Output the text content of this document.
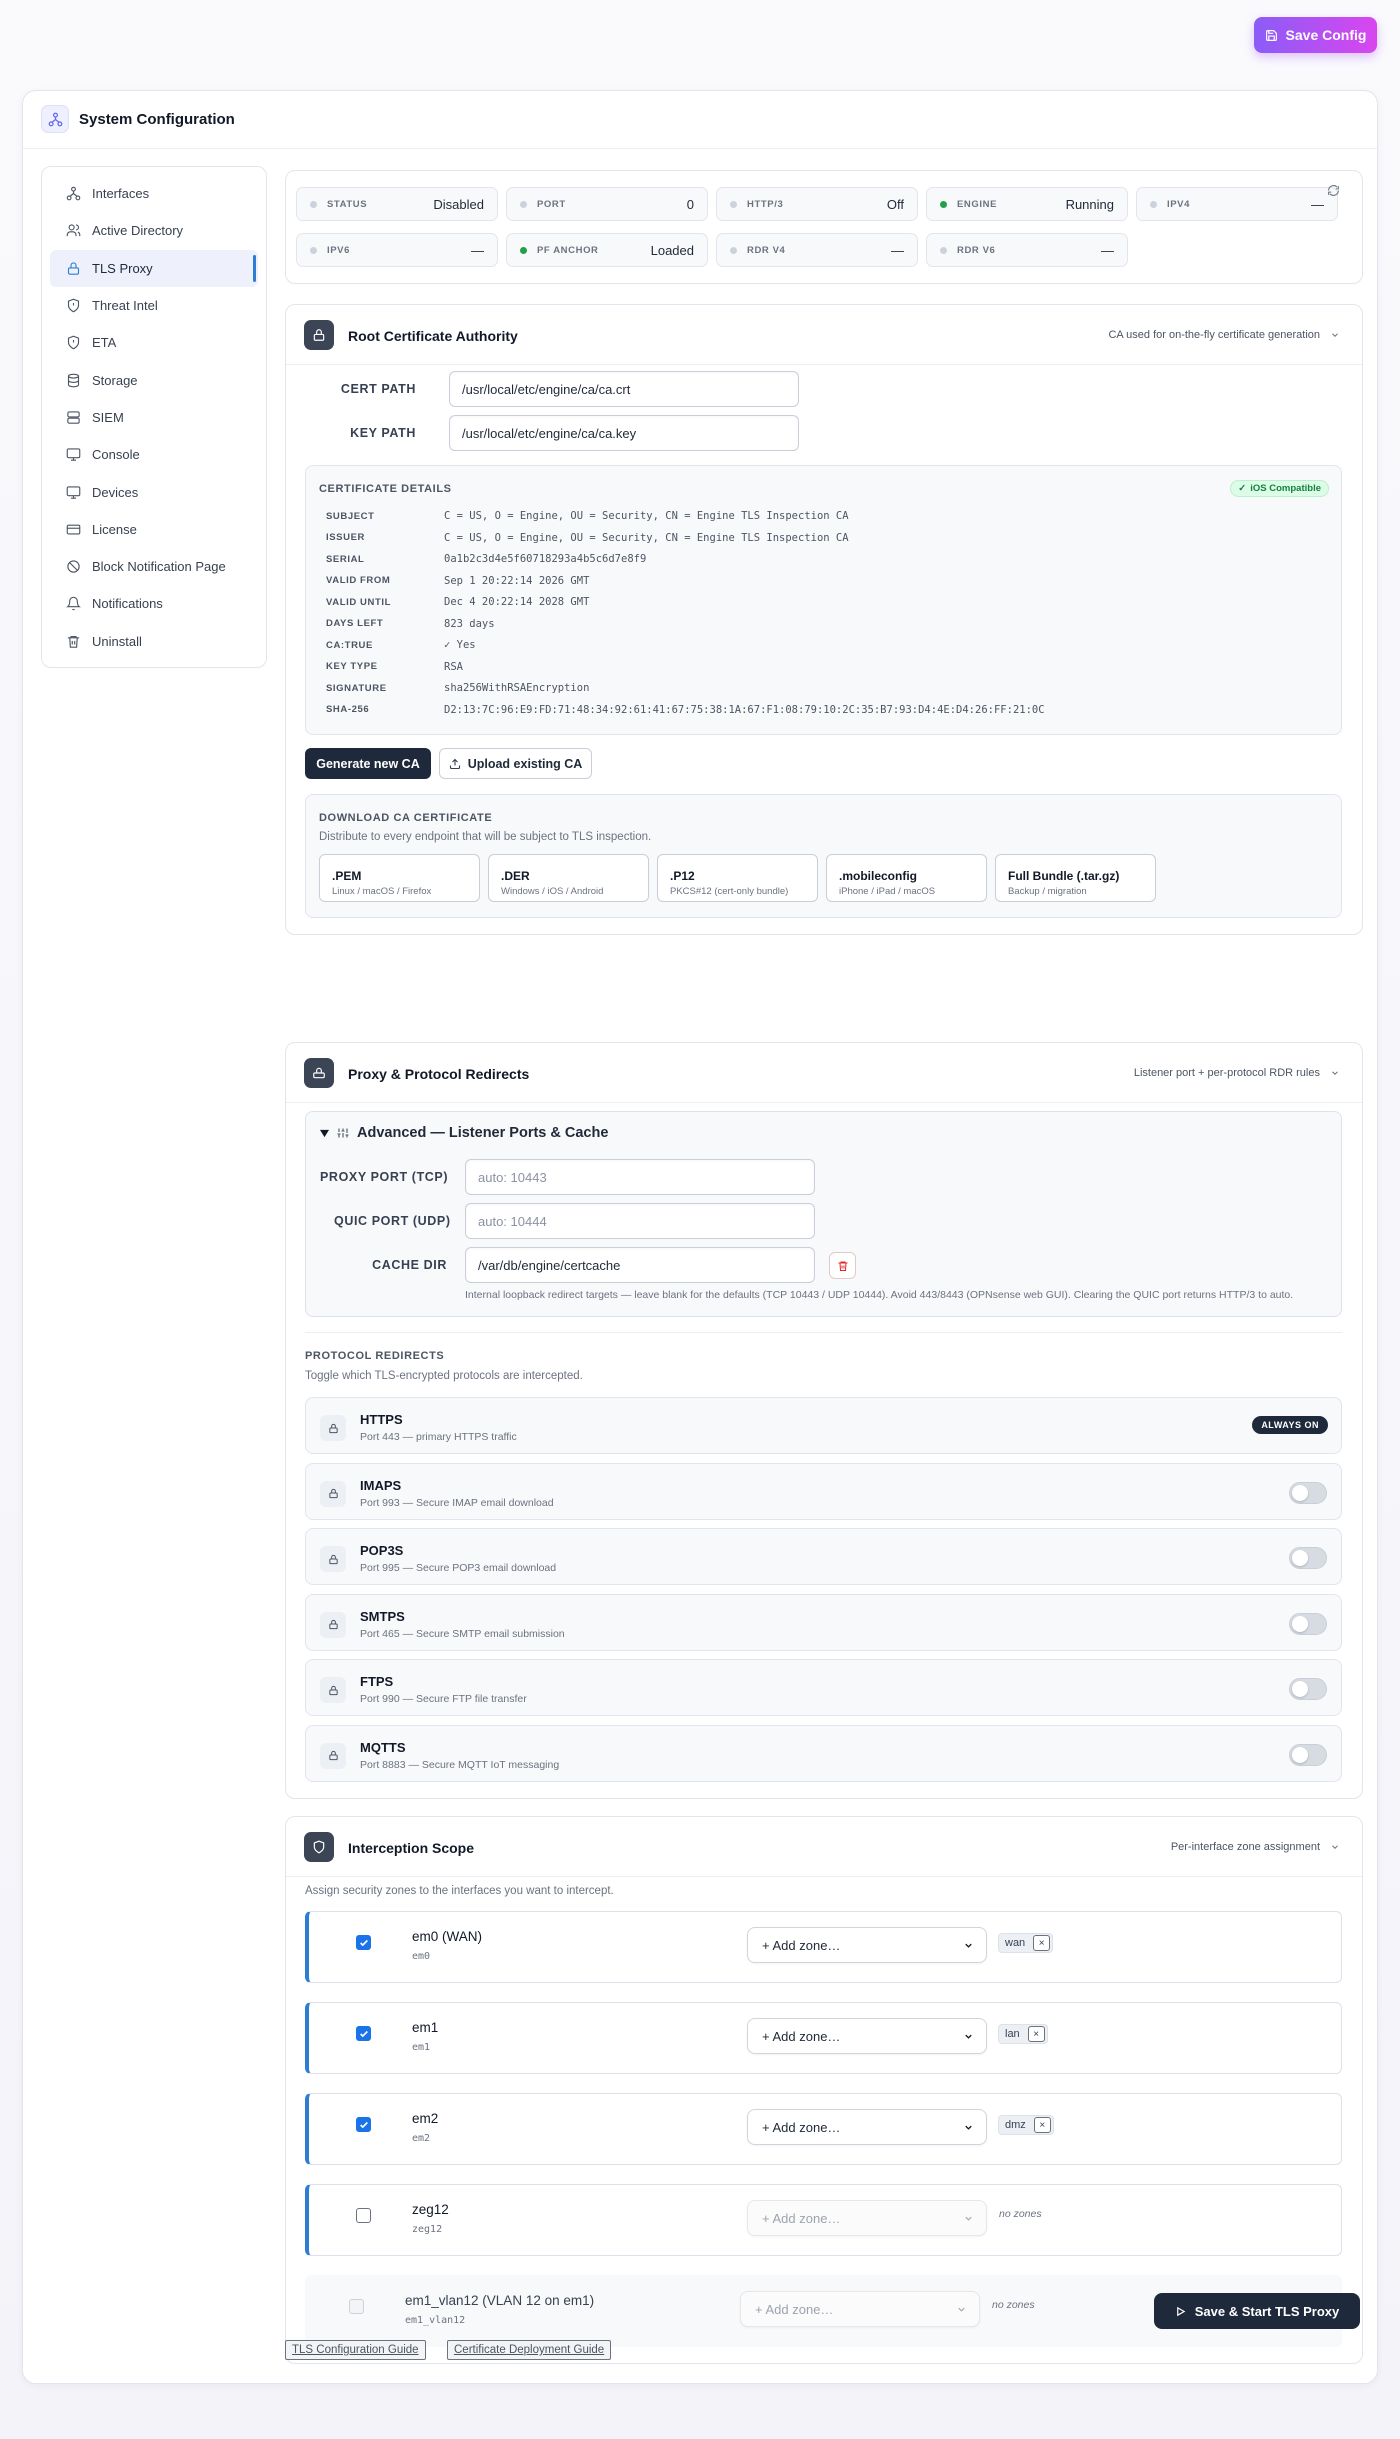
Save Config
System Configuration
Interfaces
Active Directory
TLS Proxy
Threat Intel
ETA
Storage
SIEM
Console
Devices
License
Block Notification Page
Notifications
Uninstall
STATUS	Disabled	PORT	0	HTTP/3	Off	ENGINE	Running	IPV4	—
IPV6	—	PF ANCHOR	Loaded	RDR V4	—	RDR V6	—
Root Certificate Authority	CA used for on-the-fly certificate generation
CERT PATH
/usr/local/etc/engine/ca/ca.crt
KEY PATH
/usr/local/etc/engine/ca/ca.key
CERTIFICATE DETAILS	✓ iOS Compatible
SUBJECT	C = US, O = Engine, OU = Security, CN = Engine TLS Inspection CA
ISSUER	C = US, O = Engine, OU = Security, CN = Engine TLS Inspection CA
SERIAL	0a1b2c3d4e5f60718293a4b5c6d7e8f9
VALID FROM	Sep 1 20:22:14 2026 GMT
VALID UNTIL	Dec 4 20:22:14 2028 GMT
DAYS LEFT	823 days
CA:TRUE	✓ Yes
KEY TYPE	RSA
SIGNATURE	sha256WithRSAEncryption
SHA-256	D2:13:7C:96:E9:FD:71:48:34:92:61:41:67:75:38:1A:67:F1:08:79:10:2C:35:B7:93:D4:4E:D4:26:FF:21:0C
Generate new CA	Upload existing CA
DOWNLOAD CA CERTIFICATE
Distribute to every endpoint that will be subject to TLS inspection.
.PEM
Linux / macOS / Firefox
.DER
Windows / iOS / Android
.P12
PKCS#12 (cert-only bundle)
.mobileconfig
iPhone / iPad / macOS
Full Bundle (.tar.gz)
Backup / migration
Proxy & Protocol Redirects	Listener port + per-protocol RDR rules
Advanced — Listener Ports & Cache
PROXY PORT (TCP)
auto: 10443
QUIC PORT (UDP)
auto: 10444
CACHE DIR
/var/db/engine/certcache
Internal loopback redirect targets — leave blank for the defaults (TCP 10443 / UDP 10444). Avoid 443/8443 (OPNsense web GUI). Clearing the QUIC port returns HTTP/3 to auto.
PROTOCOL REDIRECTS
Toggle which TLS-encrypted protocols are intercepted.
HTTPS
Port 443 — primary HTTPS traffic
ALWAYS ON
IMAPS
Port 993 — Secure IMAP email download
POP3S
Port 995 — Secure POP3 email download
SMTPS
Port 465 — Secure SMTP email submission
FTPS
Port 990 — Secure FTP file transfer
MQTTS
Port 8883 — Secure MQTT IoT messaging
Interception Scope	Per-interface zone assignment
Assign security zones to the interfaces you want to intercept.
em0 (WAN)
em0
+ Add zone…	wan	×
em1
em1
+ Add zone…	lan	×
em2
em2
+ Add zone…	dmz	×
zeg12
zeg12
+ Add zone…	no zones
em1_vlan12 (VLAN 12 on em1)
em1_vlan12
+ Add zone…	no zones	Save & Start TLS Proxy
TLS Configuration Guide	Certificate Deployment Guide
